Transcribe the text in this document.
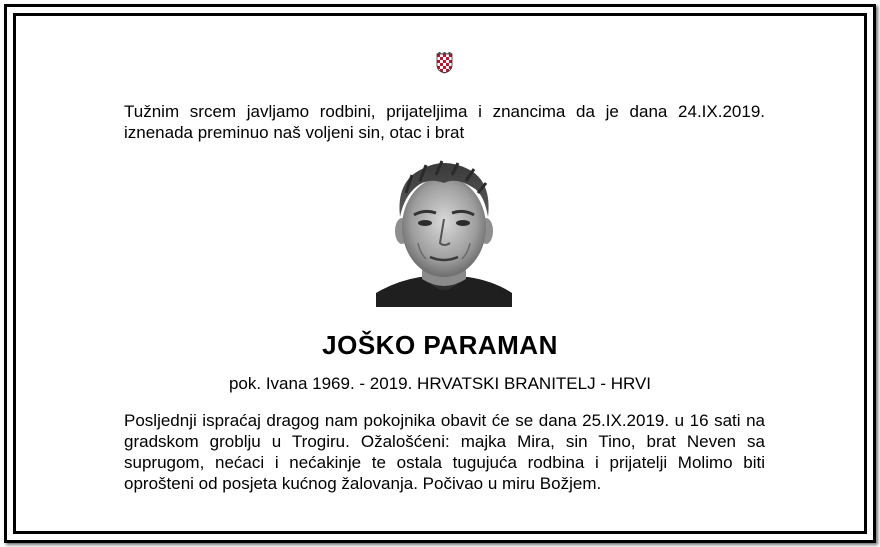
Tužnim srcem javljamo rodbini, prijateljima i znancima da je dana 24.IX.2019. iznenada preminuo naš voljeni sin, otac i brat
JOŠKO PARAMAN
pok. Ivana 1969. - 2019. HRVATSKI BRANITELJ - HRVI
Posljednji ispraćaj dragog nam pokojnika obavit će se dana 25.IX.2019. u 16 sati na gradskom groblju u Trogiru. Ožalošćeni: majka Mira, sin Tino, brat Neven sa suprugom, nećaci i nećakinje te ostala tugujuća rodbina i prijatelji Molimo biti oprošteni od posjeta kućnog žalovanja. Počivao u miru Božjem.
